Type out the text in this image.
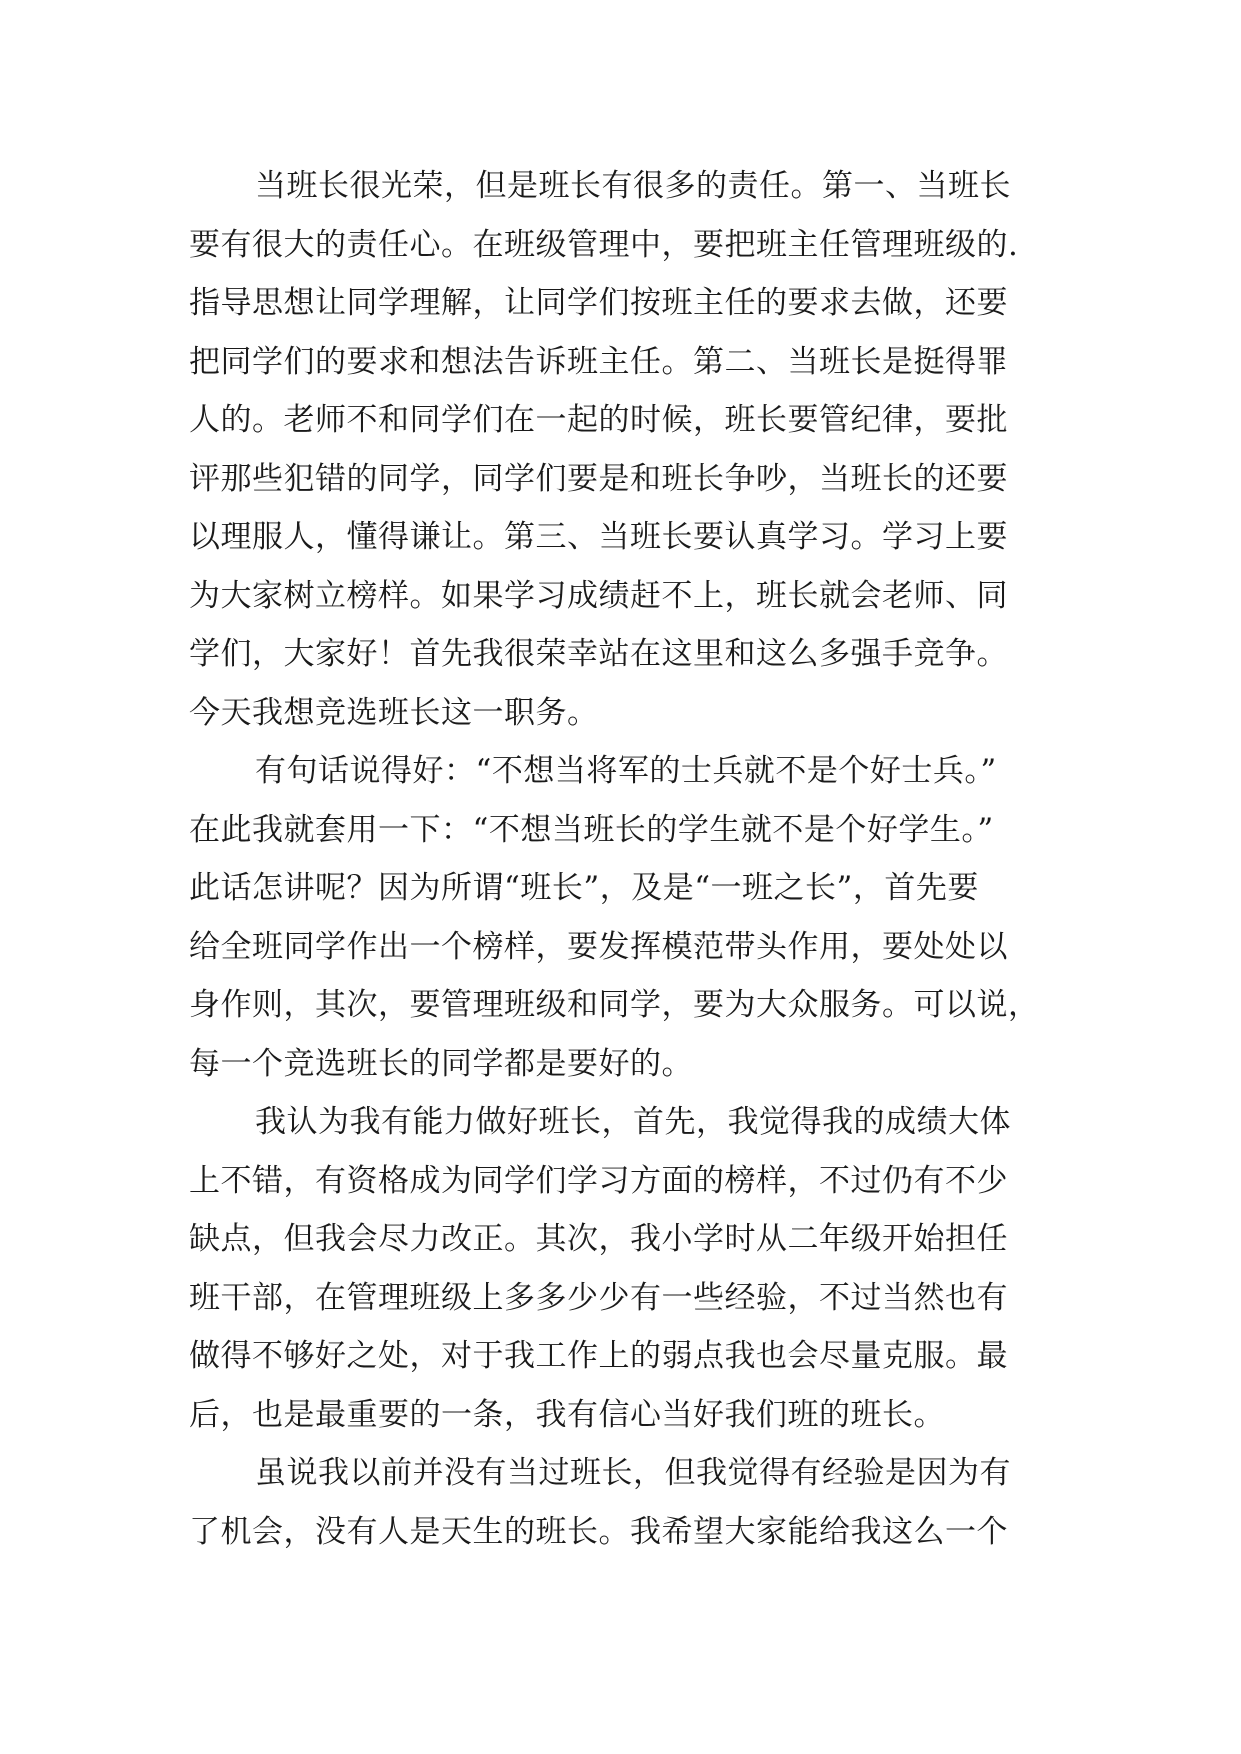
当班长很光荣，但是班长有很多的责任。第一、当班长
要有很大的责任心。在班级管理中，要把班主任管理班级的.
指导思想让同学理解，让同学们按班主任的要求去做，还要
把同学们的要求和想法告诉班主任。第二、当班长是挺得罪
人的。老师不和同学们在一起的时候，班长要管纪律，要批
评那些犯错的同学，同学们要是和班长争吵，当班长的还要
以理服人，懂得谦让。第三、当班长要认真学习。学习上要
为大家树立榜样。如果学习成绩赶不上，班长就会老师、同
学们，大家好！首先我很荣幸站在这里和这么多强手竞争。
今天我想竞选班长这一职务。
有句话说得好：“不想当将军的士兵就不是个好士兵。”
在此我就套用一下：“不想当班长的学生就不是个好学生。”
此话怎讲呢？因为所谓“班长”，及是“一班之长”，首先要
给全班同学作出一个榜样，要发挥模范带头作用，要处处以
身作则，其次，要管理班级和同学，要为大众服务。可以说，
每一个竞选班长的同学都是要好的。
我认为我有能力做好班长，首先，我觉得我的成绩大体
上不错，有资格成为同学们学习方面的榜样，不过仍有不少
缺点，但我会尽力改正。其次，我小学时从二年级开始担任
班干部，在管理班级上多多少少有一些经验，不过当然也有
做得不够好之处，对于我工作上的弱点我也会尽量克服。最
后，也是最重要的一条，我有信心当好我们班的班长。
虽说我以前并没有当过班长，但我觉得有经验是因为有
了机会，没有人是天生的班长。我希望大家能给我这么一个
